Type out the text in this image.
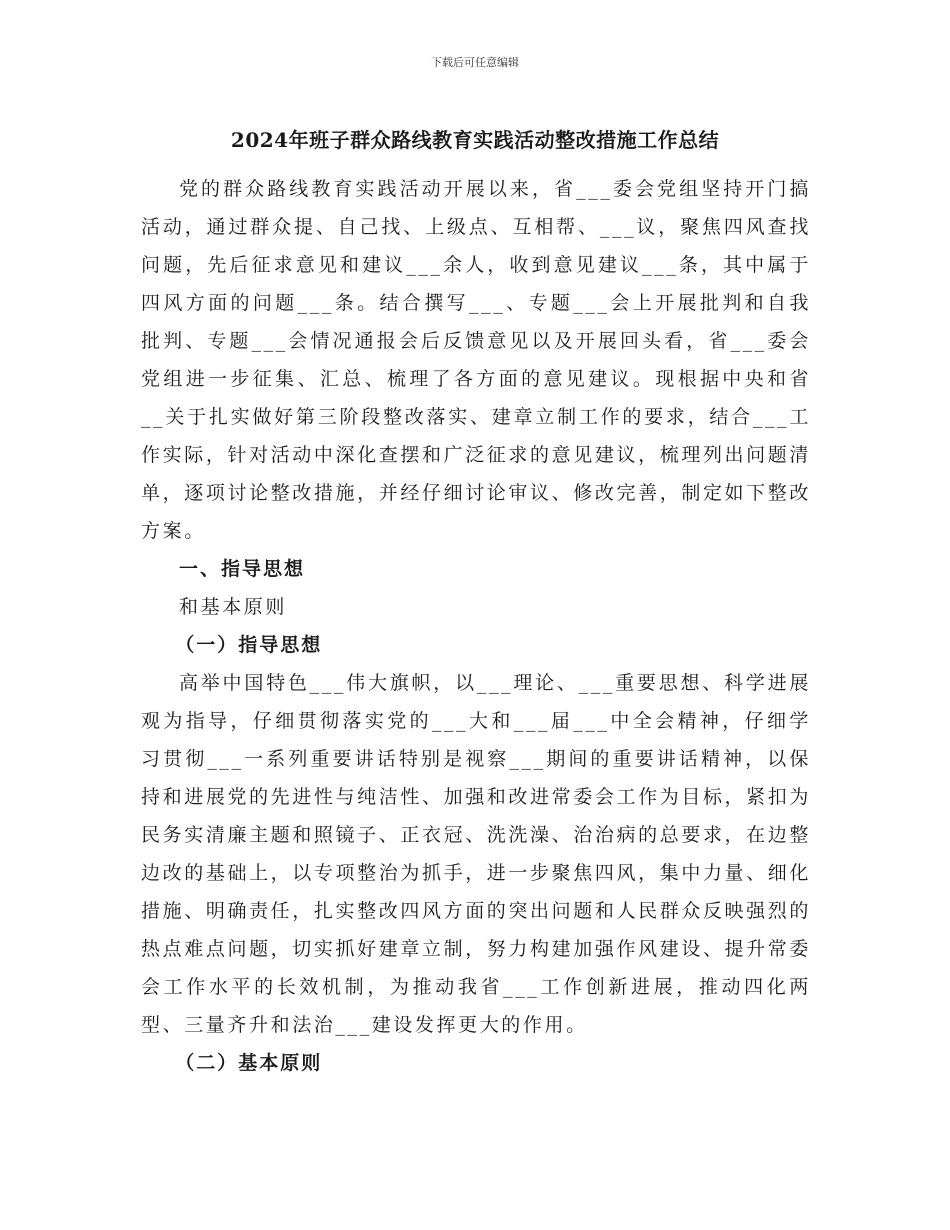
下载后可任意编辑
2024年班子群众路线教育实践活动整改措施工作总结

党的群众路线教育实践活动开展以来，省___委会党组坚持开门搞活动，通过群众提、自己找、上级点、互相帮、___议，聚焦四风查找问题，先后征求意见和建议___余人，收到意见建议___条，其中属于四风方面的问题___条。结合撰写___、专题___会上开展批判和自我批判、专题___会情况通报会后反馈意见以及开展回头看，省___委会党组进一步征集、汇总、梳理了各方面的意见建议。现根据中央和省__关于扎实做好第三阶段整改落实、建章立制工作的要求，结合___工作实际，针对活动中深化查摆和广泛征求的意见建议，梳理列出问题清单，逐项讨论整改措施，并经仔细讨论审议、修改完善，制定如下整改方案。

一、指导思想

和基本原则

（一）指导思想

高举中国特色___伟大旗帜，以___理论、___重要思想、科学进展观为指导，仔细贯彻落实党的___大和___届___中全会精神，仔细学习贯彻___一系列重要讲话特别是视察___期间的重要讲话精神，以保持和进展党的先进性与纯洁性、加强和改进常委会工作为目标，紧扣为民务实清廉主题和照镜子、正衣冠、洗洗澡、治治病的总要求，在边整边改的基础上，以专项整治为抓手，进一步聚焦四风，集中力量、细化措施、明确责任，扎实整改四风方面的突出问题和人民群众反映强烈的热点难点问题，切实抓好建章立制，努力构建加强作风建设、提升常委会工作水平的长效机制，为推动我省___工作创新进展，推动四化两型、三量齐升和法治___建设发挥更大的作用。

（二）基本原则
